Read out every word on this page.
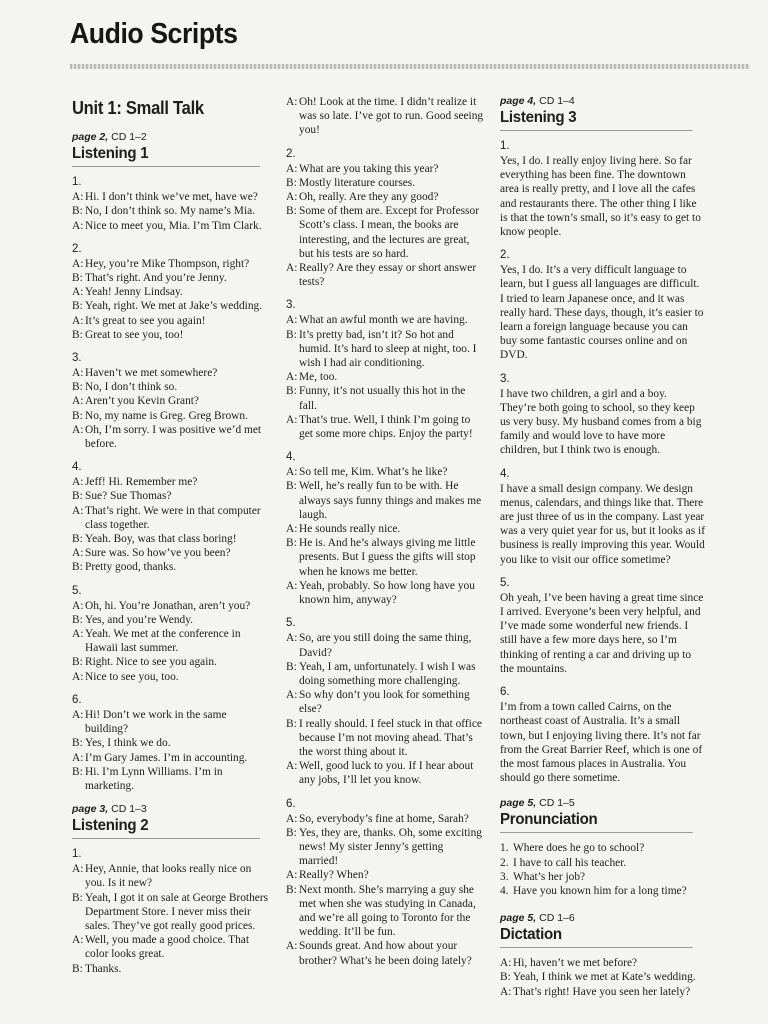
Audio Scripts
Unit 1: Small Talk
page 2, CD 1–2
Listening 1
1.
A: Hi. I don’t think we’ve met, have we?
B: No, I don’t think so. My name’s Mia.
A: Nice to meet you, Mia. I’m Tim Clark.
2.
A: Hey, you’re Mike Thompson, right?
B: That’s right. And you’re Jenny.
A: Yeah! Jenny Lindsay.
B: Yeah, right. We met at Jake’s wedding.
A: It’s great to see you again!
B: Great to see you, too!
3.
A: Haven’t we met somewhere?
B: No, I don’t think so.
A: Aren’t you Kevin Grant?
B: No, my name is Greg. Greg Brown.
A: Oh, I’m sorry. I was positive we’d met before.
4.
A: Jeff! Hi. Remember me?
B: Sue? Sue Thomas?
A: That’s right. We were in that computer class together.
B: Yeah. Boy, was that class boring!
A: Sure was. So how’ve you been?
B: Pretty good, thanks.
5.
A: Oh, hi. You’re Jonathan, aren’t you?
B: Yes, and you’re Wendy.
A: Yeah. We met at the conference in Hawaii last summer.
B: Right. Nice to see you again.
A: Nice to see you, too.
6.
A: Hi! Don’t we work in the same building?
B: Yes, I think we do.
A: I’m Gary James. I’m in accounting.
B: Hi. I’m Lynn Williams. I’m in marketing.
page 3, CD 1–3
Listening 2
1.
A: Hey, Annie, that looks really nice on you. Is it new?
B: Yeah, I got it on sale at George Brothers Department Store. I never miss their sales. They’ve got really good prices.
A: Well, you made a good choice. That color looks great.
B: Thanks.
A: Oh! Look at the time. I didn’t realize it was so late. I’ve got to run. Good seeing you!
2.
A: What are you taking this year?
B: Mostly literature courses.
A: Oh, really. Are they any good?
B: Some of them are. Except for Professor Scott’s class. I mean, the books are interesting, and the lectures are great, but his tests are so hard.
A: Really? Are they essay or short answer tests?
3.
A: What an awful month we are having.
B: It’s pretty bad, isn’t it? So hot and humid. It’s hard to sleep at night, too. I wish I had air conditioning.
A: Me, too.
B: Funny, it’s not usually this hot in the fall.
A: That’s true. Well, I think I’m going to get some more chips. Enjoy the party!
4.
A: So tell me, Kim. What’s he like?
B: Well, he’s really fun to be with. He always says funny things and makes me laugh.
A: He sounds really nice.
B: He is. And he’s always giving me little presents. But I guess the gifts will stop when he knows me better.
A: Yeah, probably. So how long have you known him, anyway?
5.
A: So, are you still doing the same thing, David?
B: Yeah, I am, unfortunately. I wish I was doing something more challenging.
A: So why don’t you look for something else?
B: I really should. I feel stuck in that office because I’m not moving ahead. That’s the worst thing about it.
A: Well, good luck to you. If I hear about any jobs, I’ll let you know.
6.
A: So, everybody’s fine at home, Sarah?
B: Yes, they are, thanks. Oh, some exciting news! My sister Jenny’s getting married!
A: Really? When?
B: Next month. She’s marrying a guy she met when she was studying in Canada, and we’re all going to Toronto for the wedding. It’ll be fun.
A: Sounds great. And how about your brother? What’s he been doing lately?
page 4, CD 1–4
Listening 3
1.

Yes, I do. I really enjoy living here. So far everything has been fine. The downtown area is really pretty, and I love all the cafes and restaurants there. The other thing I like is that the town’s small, so it’s easy to get to know people.

2.

Yes, I do. It’s a very difficult language to learn, but I guess all languages are difficult. I tried to learn Japanese once, and it was really hard. These days, though, it’s easier to learn a foreign language because you can buy some fantastic courses online and on DVD.

3.

I have two children, a girl and a boy. They’re both going to school, so they keep us very busy. My husband comes from a big family and would love to have more children, but I think two is enough.

4.

I have a small design company. We design menus, calendars, and things like that. There are just three of us in the company. Last year was a very quiet year for us, but it looks as if business is really improving this year. Would you like to visit our office sometime?

5.

Oh yeah, I’ve been having a great time since I arrived. Everyone’s been very helpful, and I’ve made some wonderful new friends. I still have a few more days here, so I’m thinking of renting a car and driving up to the mountains.

6.

I’m from a town called Cairns, on the northeast coast of Australia. It’s a small town, but I enjoying living there. It’s not far from the Great Barrier Reef, which is one of the most famous places in Australia. You should go there sometime.

page 5, CD 1–5
Pronunciation
1. Where does he go to school?
2. I have to call his teacher.
3. What’s her job?
4. Have you known him for a long time?
page 5, CD 1–6
Dictation
A: Hi, haven’t we met before?
B: Yeah, I think we met at Kate’s wedding.
A: That’s right! Have you seen her lately?
